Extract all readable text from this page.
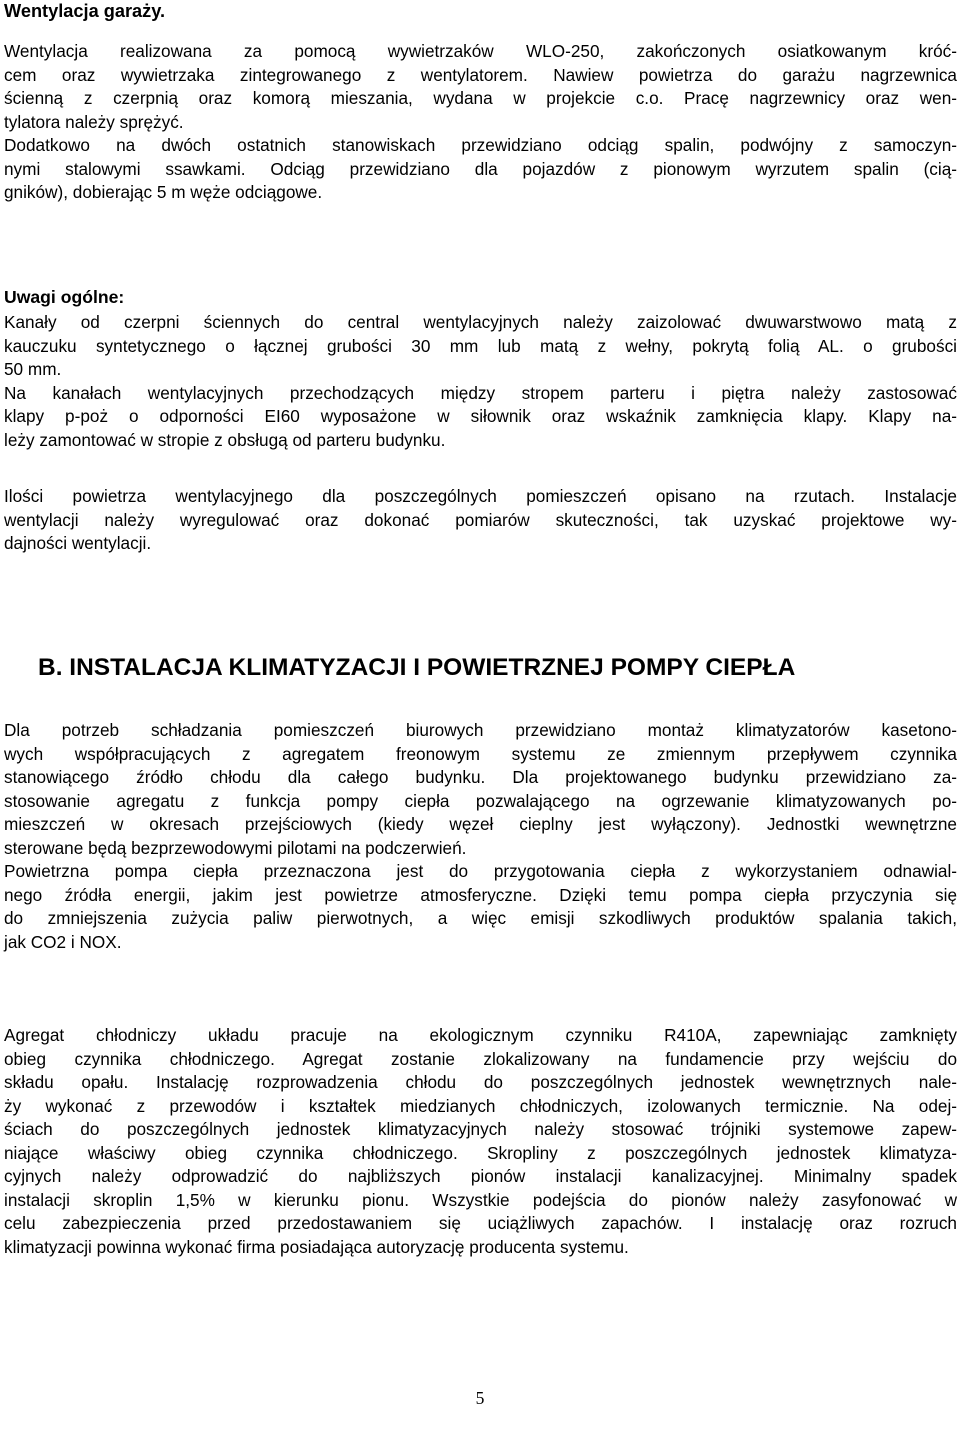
Wentylacja garaży.
Wentylacja realizowana za pomocą wywietrzaków WLO-250, zakończonych osiatkowanym króć-
cem oraz wywietrzaka zintegrowanego z wentylatorem. Nawiew powietrza do garażu nagrzewnica
ścienną z czerpnią oraz komorą mieszania, wydana w projekcie c.o. Pracę nagrzewnicy oraz wen-
tylatora należy sprężyć.
Dodatkowo na dwóch ostatnich stanowiskach przewidziano odciąg spalin, podwójny z samoczyn-
nymi stalowymi ssawkami. Odciąg przewidziano dla pojazdów z pionowym wyrzutem spalin (cią-
gników), dobierając 5 m węże odciągowe.
Uwagi ogólne:
Kanały od czerpni ściennych do central wentylacyjnych należy zaizolować dwuwarstwowo matą z
kauczuku syntetycznego o łącznej grubości 30 mm lub matą z wełny, pokrytą folią AL. o grubości
50 mm.
Na kanałach wentylacyjnych przechodzących między stropem parteru i piętra należy zastosować
klapy p-poż o odporności EI60 wyposażone w siłownik oraz wskaźnik zamknięcia klapy. Klapy na-
leży zamontować w stropie z obsługą od parteru budynku.
Ilości powietrza wentylacyjnego dla poszczególnych pomieszczeń opisano na rzutach. Instalacje
wentylacji należy wyregulować oraz dokonać pomiarów skuteczności, tak uzyskać projektowe wy-
dajności wentylacji.
B. INSTALACJA KLIMATYZACJI I POWIETRZNEJ POMPY CIEPŁA
Dla potrzeb schładzania pomieszczeń biurowych przewidziano montaż klimatyzatorów kasetono-
wych współpracujących z agregatem freonowym systemu ze zmiennym przepływem czynnika
stanowiącego źródło chłodu dla całego budynku. Dla projektowanego budynku przewidziano za-
stosowanie agregatu z funkcja pompy ciepła pozwalającego na ogrzewanie klimatyzowanych po-
mieszczeń w okresach przejściowych (kiedy węzeł cieplny jest wyłączony). Jednostki wewnętrzne
sterowane będą bezprzewodowymi pilotami na podczerwień.
Powietrzna pompa ciepła przeznaczona jest do przygotowania ciepła z wykorzystaniem odnawial-
nego źródła energii, jakim jest powietrze atmosferyczne. Dzięki temu pompa ciepła przyczynia się
do zmniejszenia zużycia paliw pierwotnych, a więc emisji szkodliwych produktów spalania takich,
jak CO2 i NOX.
Agregat chłodniczy układu pracuje na ekologicznym czynniku R410A, zapewniając zamknięty
obieg czynnika chłodniczego. Agregat zostanie zlokalizowany na fundamencie przy wejściu do
składu opału. Instalację rozprowadzenia chłodu do poszczególnych jednostek wewnętrznych nale-
ży wykonać z przewodów i kształtek miedzianych chłodniczych, izolowanych termicznie. Na odej-
ściach do poszczególnych jednostek klimatyzacyjnych należy stosować trójniki systemowe zapew-
niające właściwy obieg czynnika chłodniczego. Skropliny z poszczególnych jednostek klimatyza-
cyjnych należy odprowadzić do najbliższych pionów instalacji kanalizacyjnej. Minimalny spadek
instalacji skroplin 1,5% w kierunku pionu. Wszystkie podejścia do pionów należy zasyfonować w
celu zabezpieczenia przed przedostawaniem się uciążliwych zapachów. I instalację oraz rozruch
klimatyzacji powinna wykonać firma posiadająca autoryzację producenta systemu.
5
